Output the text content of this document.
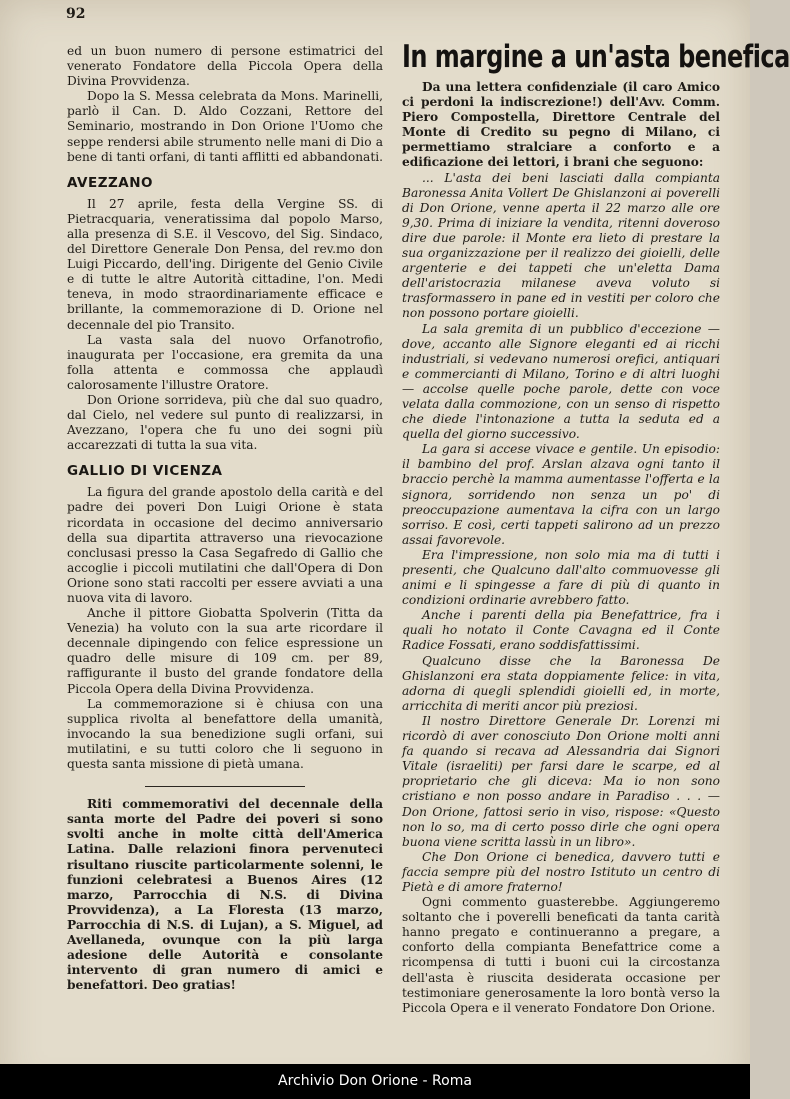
92

ed un buon numero di persone estimatrici del venerato Fondatore della Piccola Opera della Divina Provvidenza.

Dopo la S. Messa celebrata da Mons. Marinelli, parlò il Can. D. Aldo Cozzani, Rettore del Seminario, mostrando in Don Orione l'Uomo che seppe rendersi abile strumento nelle mani di Dio a bene di tanti orfani, di tanti afflitti ed abbandonati.

AVEZZANO

Il 27 aprile, festa della Vergine SS. di Pietracquaria, veneratissima dal popolo Marso, alla presenza di S.E. il Vescovo, del Sig. Sindaco, del Direttore Generale Don Pensa, del rev.mo don Luigi Piccardo, dell'ing. Dirigente del Genio Civile e di tutte le altre Autorità cittadine, l'on. Medi teneva, in modo straordinariamente efficace e brillante, la commemorazione di D. Orione nel decennale del pio Transito.

La vasta sala del nuovo Orfanotrofio, inaugurata per l'occasione, era gremita da una folla attenta e commossa che applaudì calorosamente l'illustre Oratore.

Don Orione sorrideva, più che dal suo quadro, dal Cielo, nel vedere sul punto di realizzarsi, in Avezzano, l'opera che fu uno dei sogni più accarezzati di tutta la sua vita.

GALLIO DI VICENZA

La figura del grande apostolo della carità e del padre dei poveri Don Luigi Orione è stata ricordata in occasione del decimo anniversario della sua dipartita attraverso una rievocazione conclusasi presso la Casa Segafredo di Gallio che accoglie i piccoli mutilatini che dall'Opera di Don Orione sono stati raccolti per essere avviati a una nuova vita di lavoro.

Anche il pittore Giobatta Spolverin (Titta da Venezia) ha voluto con la sua arte ricordare il decennale dipingendo con felice espressione un quadro delle misure di 109 cm. per 89, raffigurante il busto del grande fondatore della Piccola Opera della Divina Provvidenza.

La commemorazione si è chiusa con una supplica rivolta al benefattore della umanità, invocando la sua benedizione sugli orfani, sui mutilatini, e su tutti coloro che li seguono in questa santa missione di pietà umana.

Riti commemorativi del decennale della santa morte del Padre dei poveri si sono svolti anche in molte città dell'America Latina. Dalle relazioni finora pervenuteci risultano riuscite particolarmente solenni, le funzioni celebratesi a Buenos Aires (12 marzo, Parrocchia di N.S. di Divina Provvidenza), a La Floresta (13 marzo, Parrocchia di N.S. di Lujan), a S. Miguel, ad Avellaneda, ovunque con la più larga adesione delle Autorità e consolante intervento di gran numero di amici e benefattori. Deo gratias!

In margine a un'asta benefica

Da una lettera confidenziale (il caro Amico ci perdoni la indiscrezione!) dell'Avv. Comm. Piero Compostella, Direttore Centrale del Monte di Credito su pegno di Milano, ci permettiamo stralciare a conforto e a edificazione dei lettori, i brani che seguono:

... L'asta dei beni lasciati dalla compianta Baronessa Anita Vollert De Ghislanzoni ai poverelli di Don Orione, venne aperta il 22 marzo alle ore 9,30. Prima di iniziare la vendita, ritenni doveroso dire due parole: il Monte era lieto di prestare la sua organizzazione per il realizzo dei gioielli, delle argenterie e dei tappeti che un'eletta Dama dell'aristocrazia milanese aveva voluto si trasformassero in pane ed in vestiti per coloro che non possono portare gioielli.

La sala gremita di un pubblico d'eccezione — dove, accanto alle Signore eleganti ed ai ricchi industriali, si vedevano numerosi orefici, antiquari e commercianti di Milano, Torino e di altri luoghi — accolse quelle poche parole, dette con voce velata dalla commozione, con un senso di rispetto che diede l'intonazione a tutta la seduta ed a quella del giorno successivo.

La gara si accese vivace e gentile. Un episodio: il bambino del prof. Arslan alzava ogni tanto il braccio perchè la mamma aumentasse l'offerta e la signora, sorridendo non senza un po' di preoccupazione aumentava la cifra con un largo sorriso. E così, certi tappeti salirono ad un prezzo assai favorevole.

Era l'impressione, non solo mia ma di tutti i presenti, che Qualcuno dall'alto commuovesse gli animi e li spingesse a fare di più di quanto in condizioni ordinarie avrebbero fatto.

Anche i parenti della pia Benefattrice, fra i quali ho notato il Conte Cavagna ed il Conte Radice Fossati, erano soddisfattissimi.

Qualcuno disse che la Baronessa De Ghislanzoni era stata doppiamente felice: in vita, adorna di quegli splendidi gioielli ed, in morte, arricchita di meriti ancor più preziosi.

Il nostro Direttore Generale Dr. Lorenzi mi ricordò di aver conosciuto Don Orione molti anni fa quando si recava ad Alessandria dai Signori Vitale (israeliti) per farsi dare le scarpe, ed al proprietario che gli diceva: Ma io non sono cristiano e non posso andare in Paradiso . . . — Don Orione, fattosi serio in viso, rispose: «Questo non lo so, ma di certo posso dirle che ogni opera buona viene scritta lassù in un libro».

Che Don Orione ci benedica, davvero tutti e faccia sempre più del nostro Istituto un centro di Pietà e di amore fraterno!

Ogni commento guasterebbe. Aggiungeremo soltanto che i poverelli beneficati da tanta carità hanno pregato e continueranno a pregare, a conforto della compianta Benefattrice come a ricompensa di tutti i buoni cui la circostanza dell'asta è riuscita desiderata occasione per testimoniare generosamente la loro bontà verso la Piccola Opera e il venerato Fondatore Don Orione.

Archivio Don Orione - Roma
